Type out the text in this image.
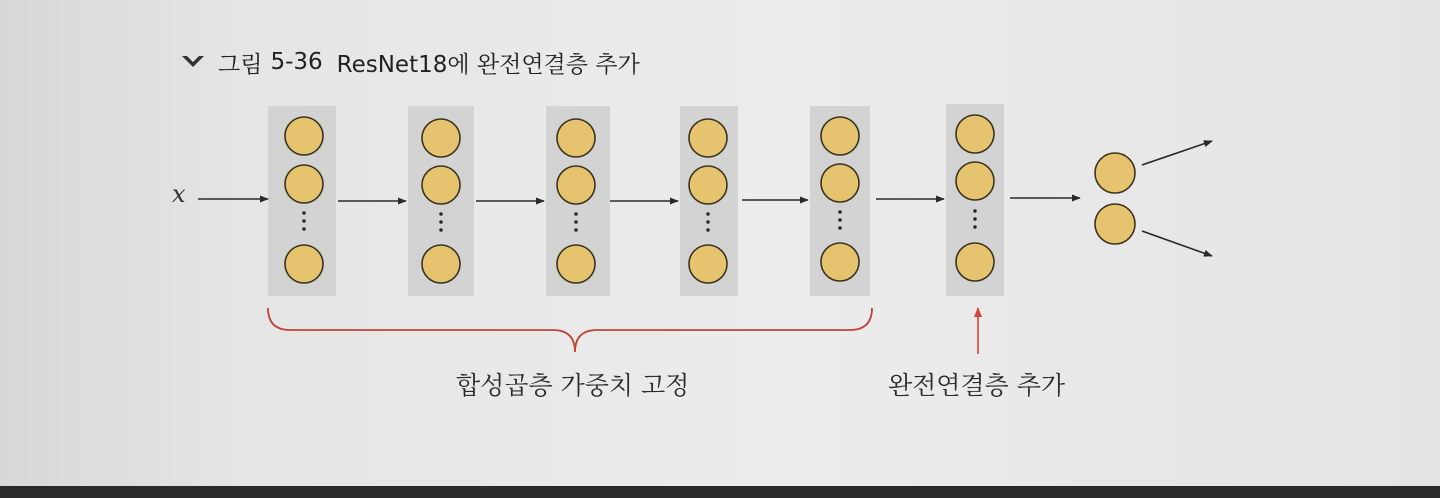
그림 5-36 ResNet18에 완전연결층 추가
x
합성곱층 가중치 고정	완전연결층 추가
